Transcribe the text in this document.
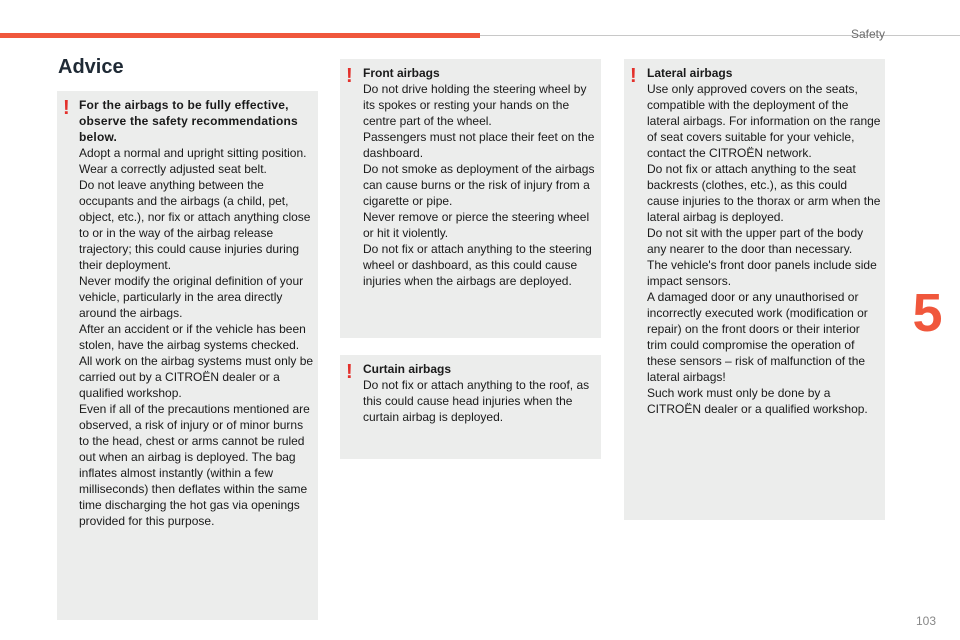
Safety
5
103
Advice
! For the airbags to be fully effective, observe the safety recommendations below.

Adopt a normal and upright sitting position.

Wear a correctly adjusted seat belt.

Do not leave anything between the occupants and the airbags (a child, pet, object, etc.), nor fix or attach anything close to or in the way of the airbag release trajectory; this could cause injuries during their deployment.

Never modify the original definition of your vehicle, particularly in the area directly around the airbags.

After an accident or if the vehicle has been stolen, have the airbag systems checked.

All work on the airbag systems must only be carried out by a CITROËN dealer or a qualified workshop.

Even if all of the precautions mentioned are observed, a risk of injury or of minor burns to the head, chest or arms cannot be ruled out when an airbag is deployed. The bag inflates almost instantly (within a few milliseconds) then deflates within the same time discharging the hot gas via openings provided for this purpose.

! Front airbags

Do not drive holding the steering wheel by its spokes or resting your hands on the centre part of the wheel.

Passengers must not place their feet on the dashboard.

Do not smoke as deployment of the airbags can cause burns or the risk of injury from a cigarette or pipe.

Never remove or pierce the steering wheel or hit it violently.

Do not fix or attach anything to the steering wheel or dashboard, as this could cause injuries when the airbags are deployed.

! Curtain airbags

Do not fix or attach anything to the roof, as this could cause head injuries when the curtain airbag is deployed.

! Lateral airbags

Use only approved covers on the seats, compatible with the deployment of the lateral airbags. For information on the range of seat covers suitable for your vehicle, contact the CITROËN network.

Do not fix or attach anything to the seat backrests (clothes, etc.), as this could cause injuries to the thorax or arm when the lateral airbag is deployed.

Do not sit with the upper part of the body any nearer to the door than necessary.

The vehicle's front door panels include side impact sensors.

A damaged door or any unauthorised or incorrectly executed work (modification or repair) on the front doors or their interior trim could compromise the operation of these sensors – risk of malfunction of the lateral airbags!

Such work must only be done by a CITROËN dealer or a qualified workshop.
